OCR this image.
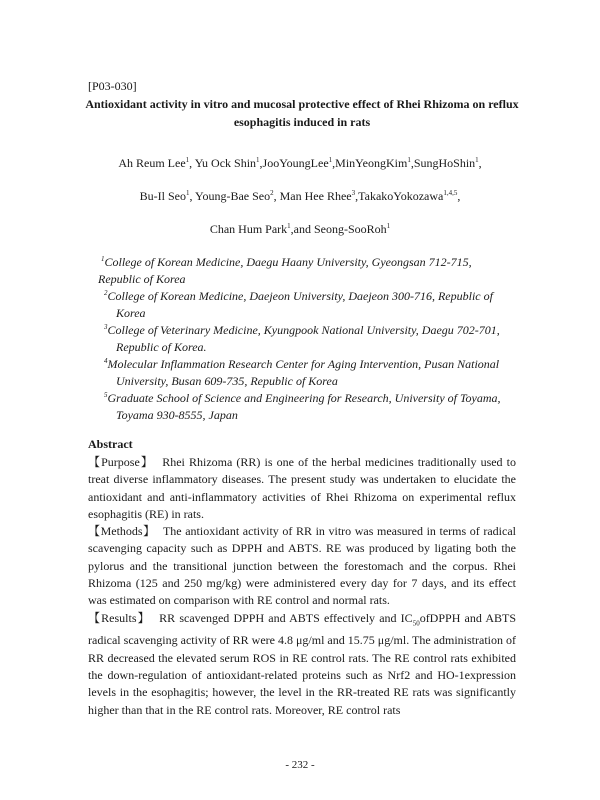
[P03-030]
Antioxidant activity in vitro and mucosal protective effect of Rhei Rhizoma on reflux esophagitis induced in rats
Ah Reum Lee$^1$, Yu Ock Shin$^1$,JooYoungLee$^1$,MinYeongKim$^1$,SungHoShin$^1$,
Bu-Il Seo$^1$, Young-Bae Seo$^2$, Man Hee Rhee$^3$,TakakoYokozawa$^{1,4,5}$,
Chan Hum Park$^1$,and Seong-SooRoh$^1$
$^1$College of Korean Medicine, Daegu Haany University, Gyeongsan 712-715,
Republic of Korea
$^2$College of Korean Medicine, Daejeon University, Daejeon 300-716, Republic of
Korea
$^3$College of Veterinary Medicine, Kyungpook National University, Daegu 702-701,
Republic of Korea.
$^4$Molecular Inflammation Research Center for Aging Intervention, Pusan National
University, Busan 609-735, Republic of Korea
$^5$Graduate School of Science and Engineering for Research, University of Toyama,
Toyama 930-8555, Japan
Abstract

【Purpose】 Rhei Rhizoma (RR) is one of the herbal medicines traditionally used to treat diverse inflammatory diseases. The present study was undertaken to elucidate the antioxidant and anti-inflammatory activities of Rhei Rhizoma on experimental reflux esophagitis (RE) in rats.

【Methods】 The antioxidant activity of RR in vitro was measured in terms of radical scavenging capacity such as DPPH and ABTS. RE was produced by ligating both the pylorus and the transitional junction between the forestomach and the corpus. Rhei Rhizoma (125 and 250 mg/kg) were administered every day for 7 days, and its effect was estimated on comparison with RE control and normal rats.

【Results】 RR scavenged DPPH and ABTS effectively and $IC_{50}ofDPPH$ and ABTS radical scavenging activity of RR were 4.8 μg/ml and 15.75 μg/ml. The administration of RR decreased the elevated serum ROS in RE control rats. The RE control rats exhibited the down-regulation of antioxidant-related proteins such as Nrf2 and HO-1expression levels in the esophagitis; however, the level in the RR-treated RE rats was significantly higher than that in the RE control rats. Moreover, RE control rats

- 232 -
